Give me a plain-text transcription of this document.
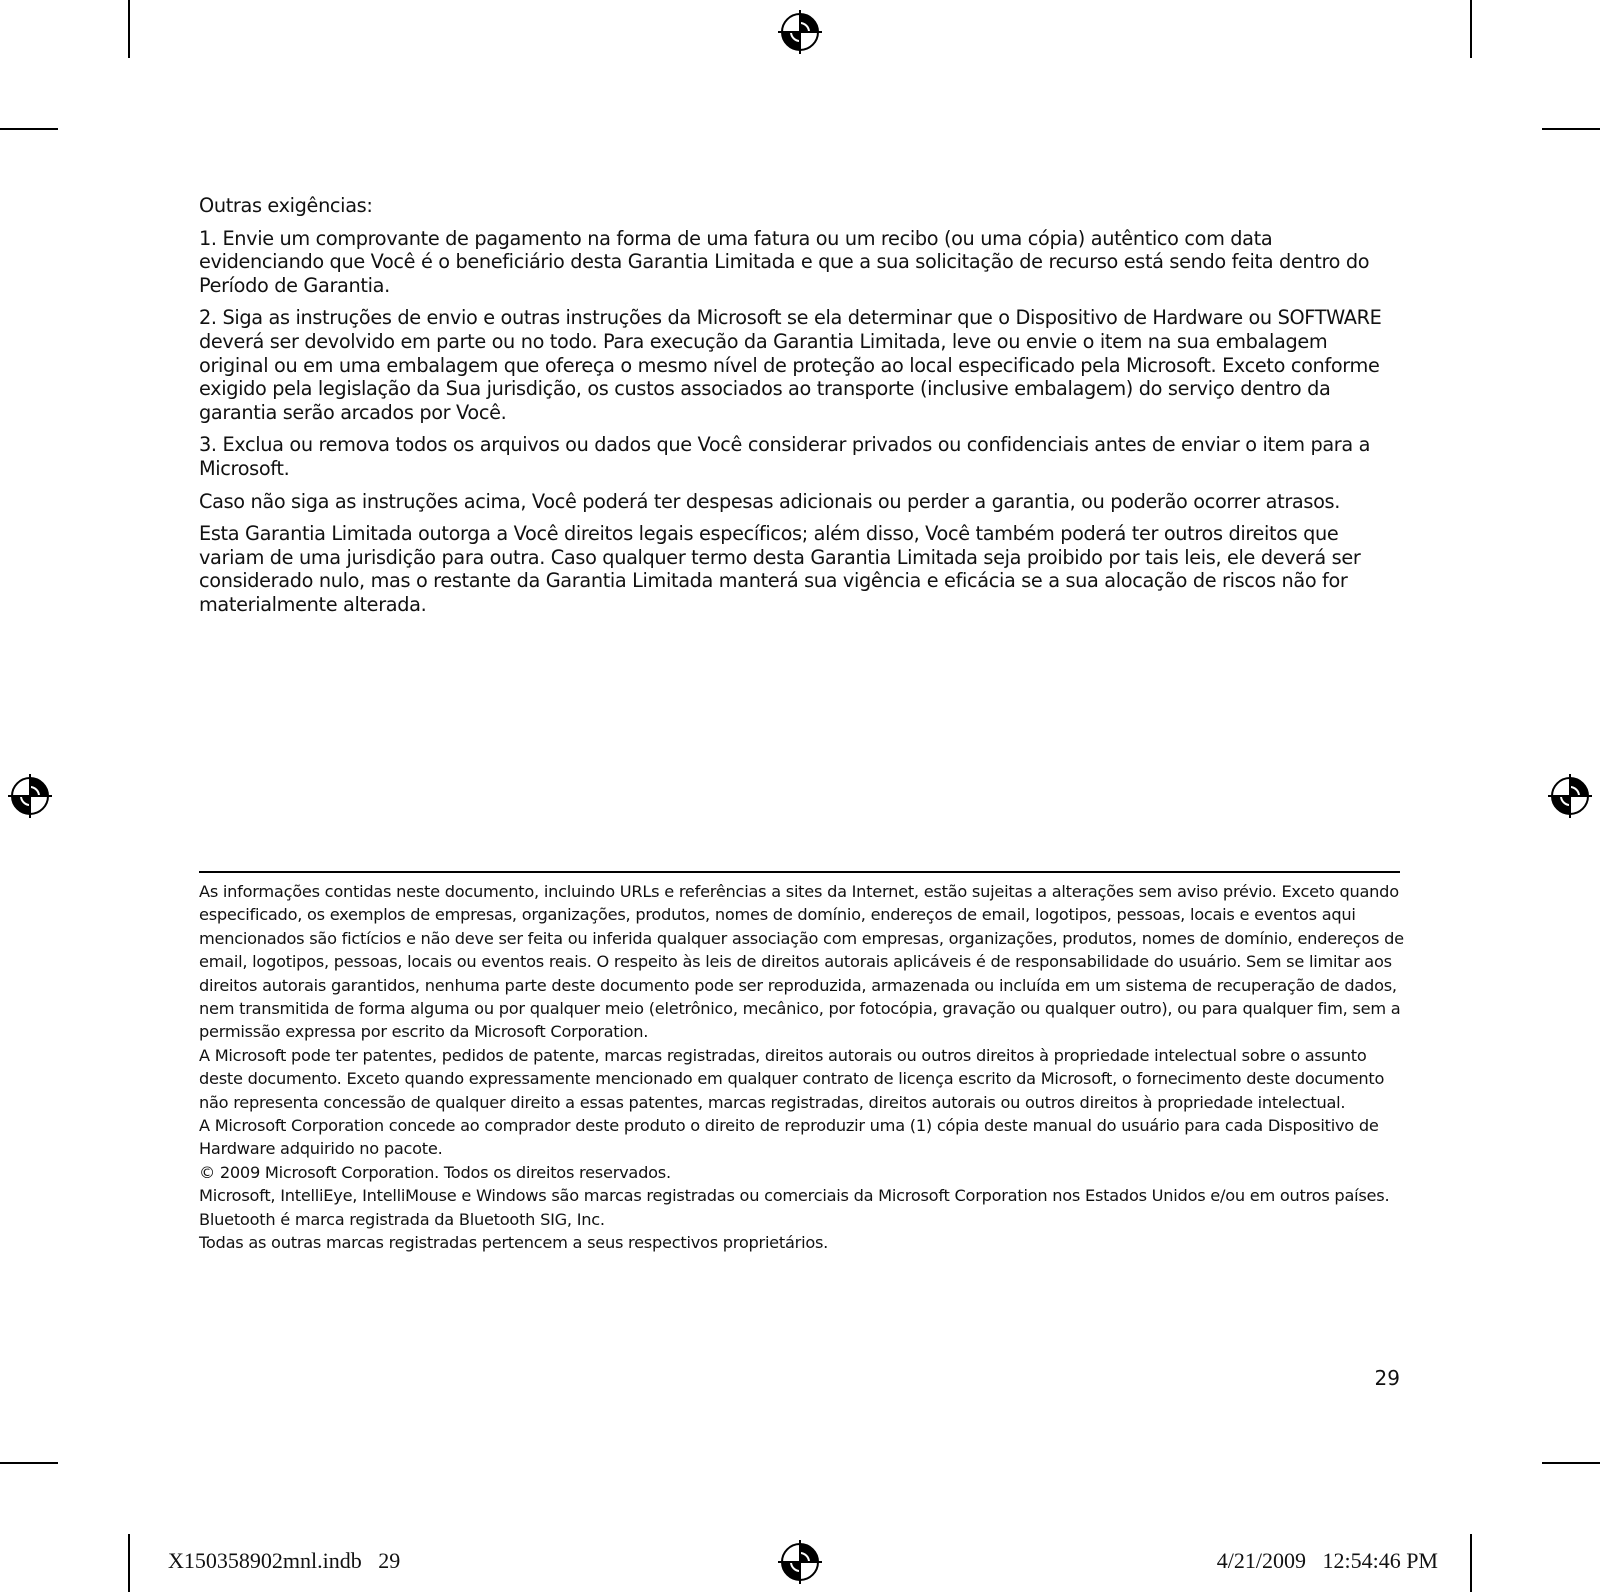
Outras exigências:

1. Envie um comprovante de pagamento na forma de uma fatura ou um recibo (ou uma cópia) autêntico com data evidenciando que Você é o beneficiário desta Garantia Limitada e que a sua solicitação de recurso está sendo feita dentro do Período de Garantia.

2. Siga as instruções de envio e outras instruções da Microsoft se ela determinar que o Dispositivo de Hardware ou SOFTWARE deverá ser devolvido em parte ou no todo. Para execução da Garantia Limitada, leve ou envie o item na sua embalagem original ou em uma embalagem que ofereça o mesmo nível de proteção ao local especificado pela Microsoft. Exceto conforme exigido pela legislação da Sua jurisdição, os custos associados ao transporte (inclusive embalagem) do serviço dentro da garantia serão arcados por Você.

3. Exclua ou remova todos os arquivos ou dados que Você considerar privados ou confidenciais antes de enviar o item para a Microsoft.

Caso não siga as instruções acima, Você poderá ter despesas adicionais ou perder a garantia, ou poderão ocorrer atrasos.

Esta Garantia Limitada outorga a Você direitos legais específicos; além disso, Você também poderá ter outros direitos que variam de uma jurisdição para outra. Caso qualquer termo desta Garantia Limitada seja proibido por tais leis, ele deverá ser considerado nulo, mas o restante da Garantia Limitada manterá sua vigência e eficácia se a sua alocação de riscos não for materialmente alterada.

As informações contidas neste documento, incluindo URLs e referências a sites da Internet, estão sujeitas a alterações sem aviso prévio. Exceto quando especificado, os exemplos de empresas, organizações, produtos, nomes de domínio, endereços de email, logotipos, pessoas, locais e eventos aqui mencionados são fictícios e não deve ser feita ou inferida qualquer associação com empresas, organizações, produtos, nomes de domínio, endereços de email, logotipos, pessoas, locais ou eventos reais. O respeito às leis de direitos autorais aplicáveis é de responsabilidade do usuário. Sem se limitar aos direitos autorais garantidos, nenhuma parte deste documento pode ser reproduzida, armazenada ou incluída em um sistema de recuperação de dados, nem transmitida de forma alguma ou por qualquer meio (eletrônico, mecânico, por fotocópia, gravação ou qualquer outro), ou para qualquer fim, sem a permissão expressa por escrito da Microsoft Corporation.

A Microsoft pode ter patentes, pedidos de patente, marcas registradas, direitos autorais ou outros direitos à propriedade intelectual sobre o assunto deste documento. Exceto quando expressamente mencionado em qualquer contrato de licença escrito da Microsoft, o fornecimento deste documento não representa concessão de qualquer direito a essas patentes, marcas registradas, direitos autorais ou outros direitos à propriedade intelectual.

A Microsoft Corporation concede ao comprador deste produto o direito de reproduzir uma (1) cópia deste manual do usuário para cada Dispositivo de Hardware adquirido no pacote.

© 2009 Microsoft Corporation. Todos os direitos reservados.

Microsoft, IntelliEye, IntelliMouse e Windows são marcas registradas ou comerciais da Microsoft Corporation nos Estados Unidos e/ou em outros países.

Bluetooth é marca registrada da Bluetooth SIG, Inc.

Todas as outras marcas registradas pertencem a seus respectivos proprietários.

29
X150358902mnl.indb   29	4/21/2009   12:54:46 PM
